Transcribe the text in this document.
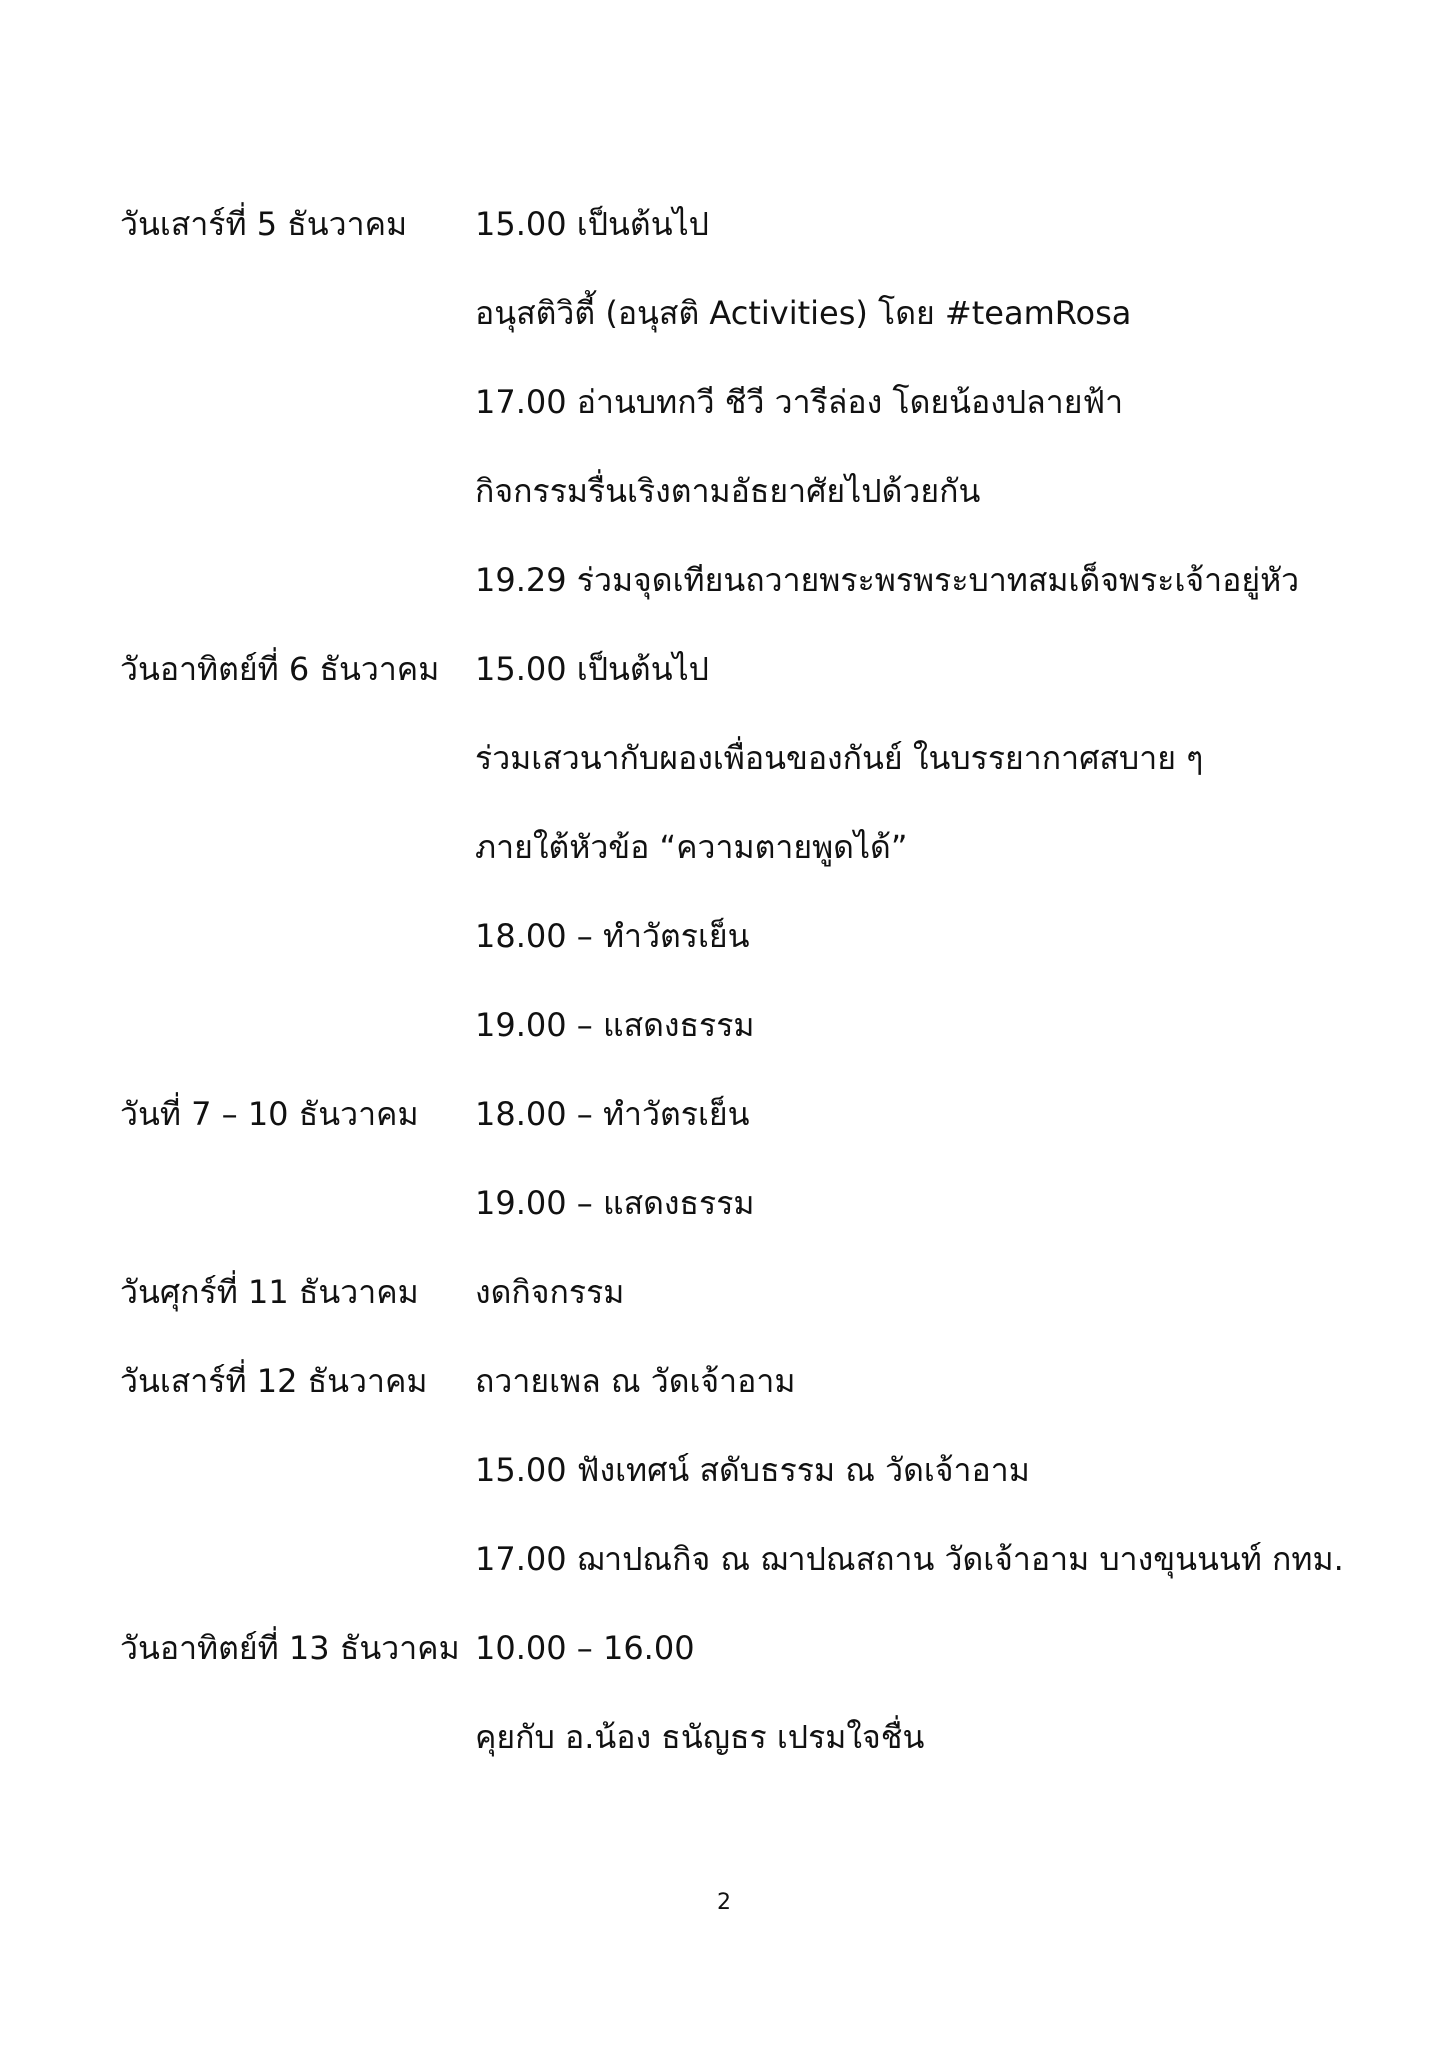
วันเสาร์ที่ 5 ธันวาคม	15.00 เป็นต้นไป
อนุสติวิตี้ (อนุสติ Activities) โดย #teamRosa
17.00 อ่านบทกวี ชีวี วารีล่อง โดยน้องปลายฟ้า
กิจกรรมรื่นเริงตามอัธยาศัยไปด้วยกัน
19.29 ร่วมจุดเทียนถวายพระพรพระบาทสมเด็จพระเจ้าอยู่หัว
วันอาทิตย์ที่ 6 ธันวาคม	15.00 เป็นต้นไป
ร่วมเสวนากับผองเพื่อนของกันย์ ในบรรยากาศสบาย ๆ
ภายใต้หัวข้อ “ความตายพูดได้”
18.00 – ทำวัตรเย็น
19.00 – แสดงธรรม
วันที่ 7 – 10 ธันวาคม	18.00 – ทำวัตรเย็น
19.00 – แสดงธรรม
วันศุกร์ที่ 11 ธันวาคม	งดกิจกรรม
วันเสาร์ที่ 12 ธันวาคม	ถวายเพล ณ วัดเจ้าอาม
15.00 ฟังเทศน์ สดับธรรม ณ วัดเจ้าอาม
17.00 ฌาปณกิจ ณ ฌาปณสถาน วัดเจ้าอาม บางขุนนนท์ กทม.
วันอาทิตย์ที่ 13 ธันวาคม 10.00 – 16.00
คุยกับ อ.น้อง ธนัญธร เปรมใจชื่น
2
